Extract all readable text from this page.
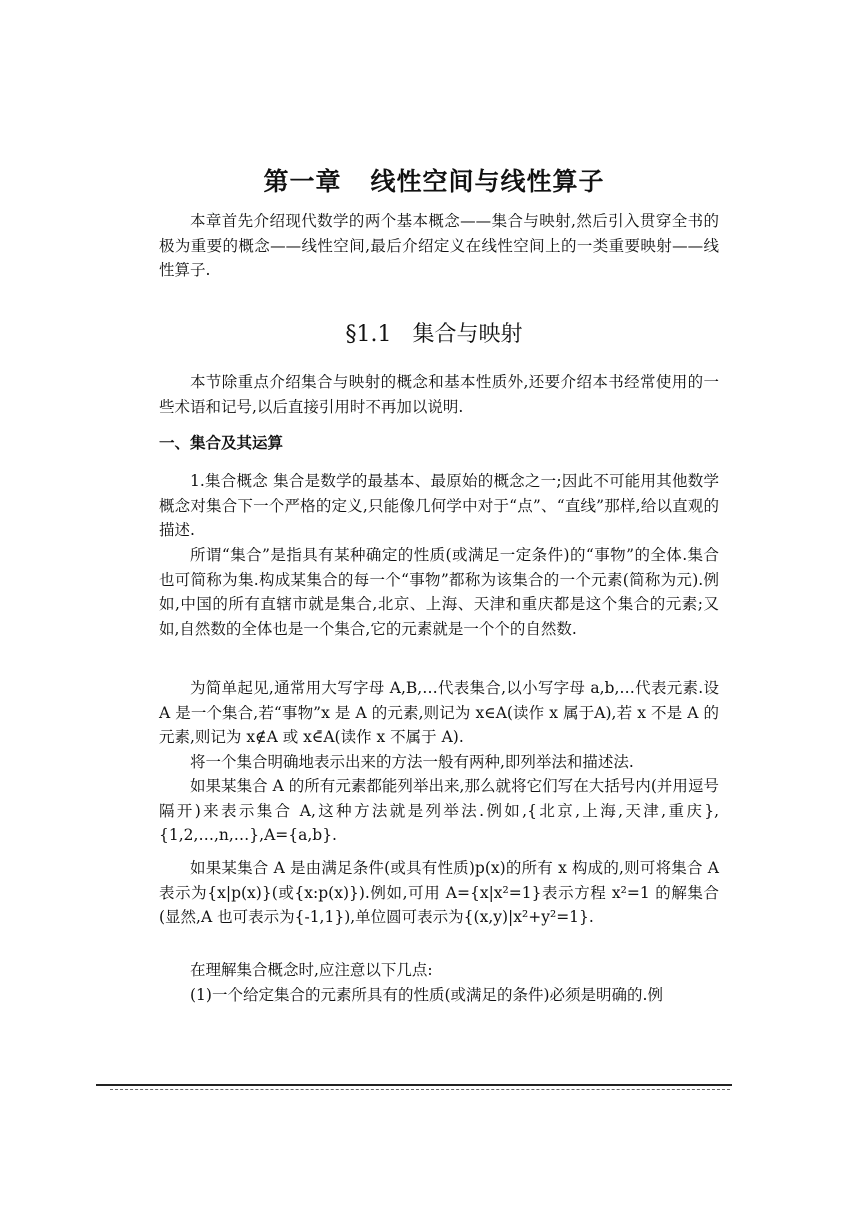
第一章   线性空间与线性算子

本章首先介绍现代数学的两个基本概念——集合与映射,然后引入贯穿全书的极为重要的概念——线性空间,最后介绍定义在线性空间上的一类重要映射——线性算子.

§1.1   集合与映射

本节除重点介绍集合与映射的概念和基本性质外,还要介绍本书经常使用的一些术语和记号,以后直接引用时不再加以说明.

一、集合及其运算

1.集合概念 集合是数学的最基本、最原始的概念之一;因此不可能用其他数学概念对集合下一个严格的定义,只能像几何学中对于“点”、“直线”那样,给以直观的描述.

所谓“集合”是指具有某种确定的性质(或满足一定条件)的“事物”的全体.集合也可简称为集.构成某集合的每一个“事物”都称为该集合的一个元素(简称为元).例如,中国的所有直辖市就是集合,北京、上海、天津和重庆都是这个集合的元素;又如,自然数的全体也是一个集合,它的元素就是一个个的自然数.

为简单起见,通常用大写字母 A,B,…代表集合,以小写字母 a,b,…代表元素.设 A 是一个集合,若“事物”x 是 A 的元素,则记为 x∈A(读作 x 属于A),若 x 不是 A 的元素,则记为 x∉A 或 x∈̄A(读作 x 不属于 A).

将一个集合明确地表示出来的方法一般有两种,即列举法和描述法.

如果某集合 A 的所有元素都能列举出来,那么就将它们写在大括号内(并用逗号隔开)来表示集合 A,这种方法就是列举法.例如,{北京,上海,天津,重庆},{1,2,…,n,…},A={a,b}.

如果某集合 A 是由满足条件(或具有性质)p(x)的所有 x 构成的,则可将集合 A 表示为{x|p(x)}(或{x:p(x)}).例如,可用 A={x|x²=1}表示方程 x²=1 的解集合(显然,A 也可表示为{-1,1}),单位圆可表示为{(x,y)|x²+y²=1}.

在理解集合概念时,应注意以下几点:

(1)一个给定集合的元素所具有的性质(或满足的条件)必须是明确的.例
